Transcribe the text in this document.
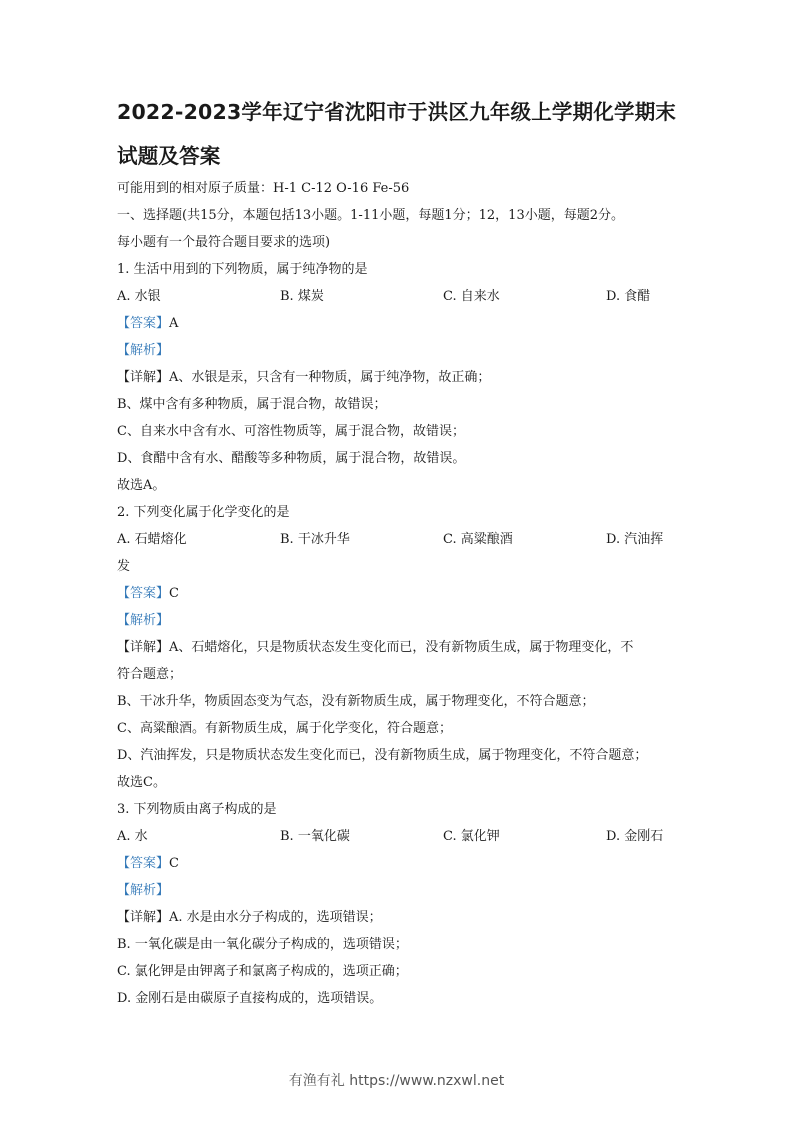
2022-2023学年辽宁省沈阳市于洪区九年级上学期化学期末
试题及答案
可能用到的相对原子质量：H-1 C-12 O-16 Fe-56
一、选择题(共15分，本题包括13小题。1-11小题，每题1分；12，13小题，每题2分。
每小题有一个最符合题目要求的选项)
1. 生活中用到的下列物质，属于纯净物的是
A. 水银	B. 煤炭	C. 自来水	D. 食醋
【答案】A
【解析】
【详解】A、水银是汞，只含有一种物质，属于纯净物，故正确；
B、煤中含有多种物质，属于混合物，故错误；
C、自来水中含有水、可溶性物质等，属于混合物，故错误；
D、食醋中含有水、醋酸等多种物质，属于混合物，故错误。
故选A。
2. 下列变化属于化学变化的是
A. 石蜡熔化	B. 干冰升华	C. 高粱酿酒	D. 汽油挥
发
【答案】C
【解析】
【详解】A、石蜡熔化，只是物质状态发生变化而已，没有新物质生成，属于物理变化，不
符合题意；
B、干冰升华，物质固态变为气态，没有新物质生成，属于物理变化，不符合题意；
C、高粱酿酒。有新物质生成，属于化学变化，符合题意；
D、汽油挥发，只是物质状态发生变化而已，没有新物质生成，属于物理变化，不符合题意；
故选C。
3. 下列物质由离子构成的是
A. 水	B. 一氧化碳	C. 氯化钾	D. 金刚石
【答案】C
【解析】
【详解】A. 水是由水分子构成的，选项错误；
B. 一氧化碳是由一氧化碳分子构成的，选项错误；
C. 氯化钾是由钾离子和氯离子构成的，选项正确；
D. 金刚石是由碳原子直接构成的，选项错误。
有渔有礼 https://www.nzxwl.net
